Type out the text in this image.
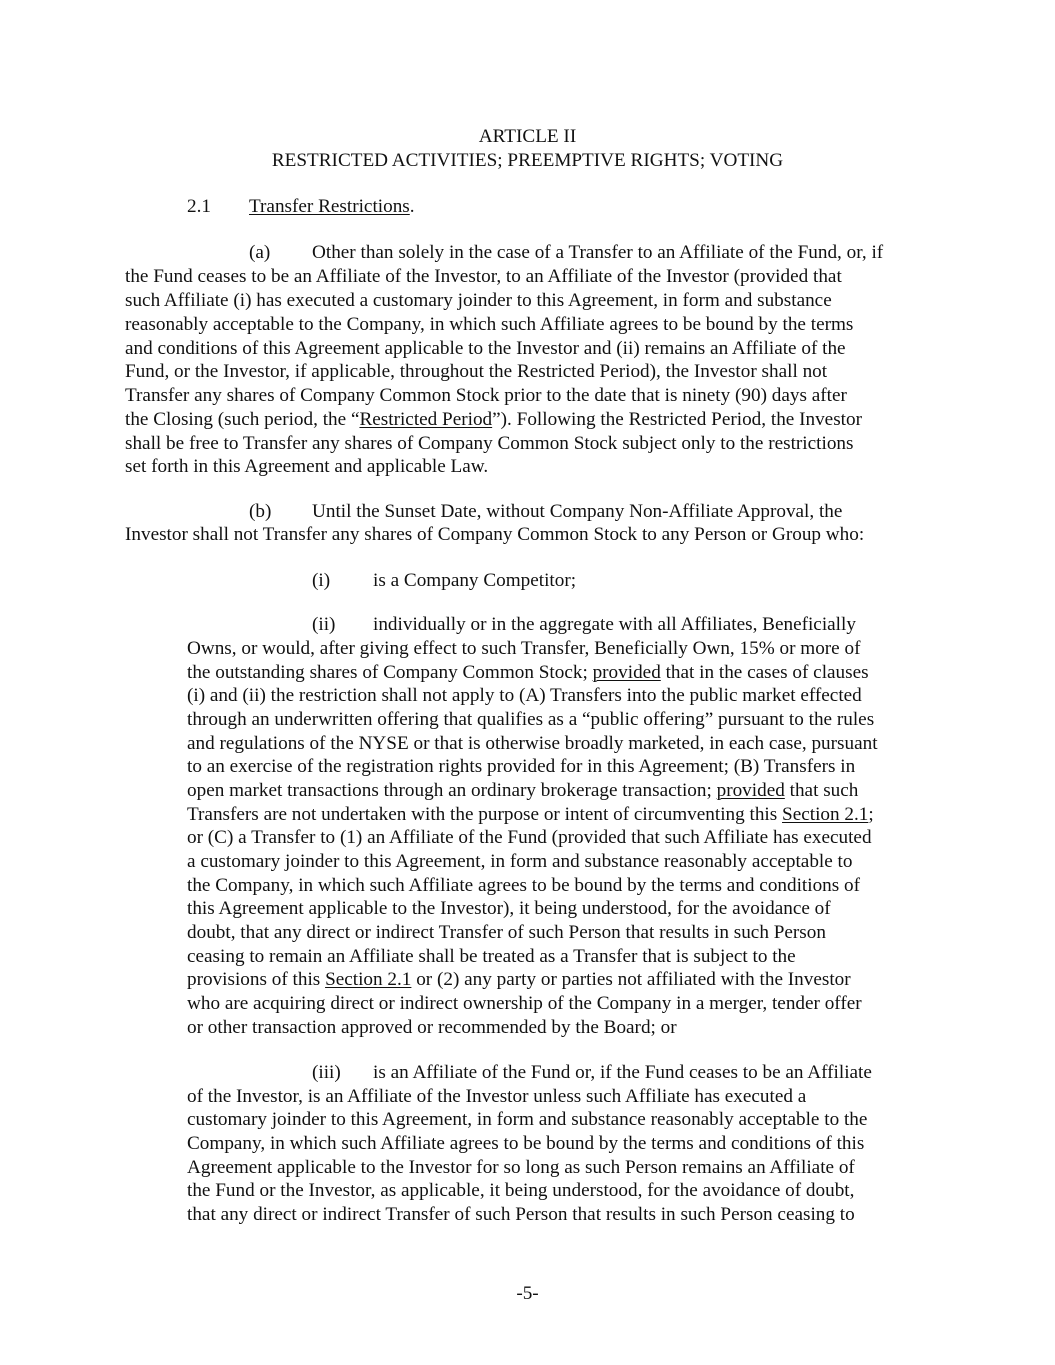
ARTICLE II
RESTRICTED ACTIVITIES; PREEMPTIVE RIGHTS; VOTING
2.1 Transfer Restrictions.
(a) Other than solely in the case of a Transfer to an Affiliate of the Fund, or, if
the Fund ceases to be an Affiliate of the Investor, to an Affiliate of the Investor (provided that
such Affiliate (i) has executed a customary joinder to this Agreement, in form and substance
reasonably acceptable to the Company, in which such Affiliate agrees to be bound by the terms
and conditions of this Agreement applicable to the Investor and (ii) remains an Affiliate of the
Fund, or the Investor, if applicable, throughout the Restricted Period), the Investor shall not
Transfer any shares of Company Common Stock prior to the date that is ninety (90) days after
the Closing (such period, the “Restricted Period”). Following the Restricted Period, the Investor
shall be free to Transfer any shares of Company Common Stock subject only to the restrictions
set forth in this Agreement and applicable Law.
(b) Until the Sunset Date, without Company Non-Affiliate Approval, the
Investor shall not Transfer any shares of Company Common Stock to any Person or Group who:
(i) is a Company Competitor;
(ii) individually or in the aggregate with all Affiliates, Beneficially
Owns, or would, after giving effect to such Transfer, Beneficially Own, 15% or more of
the outstanding shares of Company Common Stock; provided that in the cases of clauses
(i) and (ii) the restriction shall not apply to (A) Transfers into the public market effected
through an underwritten offering that qualifies as a “public offering” pursuant to the rules
and regulations of the NYSE or that is otherwise broadly marketed, in each case, pursuant
to an exercise of the registration rights provided for in this Agreement; (B) Transfers in
open market transactions through an ordinary brokerage transaction; provided that such
Transfers are not undertaken with the purpose or intent of circumventing this Section 2.1;
or (C) a Transfer to (1) an Affiliate of the Fund (provided that such Affiliate has executed
a customary joinder to this Agreement, in form and substance reasonably acceptable to
the Company, in which such Affiliate agrees to be bound by the terms and conditions of
this Agreement applicable to the Investor), it being understood, for the avoidance of
doubt, that any direct or indirect Transfer of such Person that results in such Person
ceasing to remain an Affiliate shall be treated as a Transfer that is subject to the
provisions of this Section 2.1 or (2) any party or parties not affiliated with the Investor
who are acquiring direct or indirect ownership of the Company in a merger, tender offer
or other transaction approved or recommended by the Board; or
(iii) is an Affiliate of the Fund or, if the Fund ceases to be an Affiliate
of the Investor, is an Affiliate of the Investor unless such Affiliate has executed a
customary joinder to this Agreement, in form and substance reasonably acceptable to the
Company, in which such Affiliate agrees to be bound by the terms and conditions of this
Agreement applicable to the Investor for so long as such Person remains an Affiliate of
the Fund or the Investor, as applicable, it being understood, for the avoidance of doubt,
that any direct or indirect Transfer of such Person that results in such Person ceasing to
-5-
